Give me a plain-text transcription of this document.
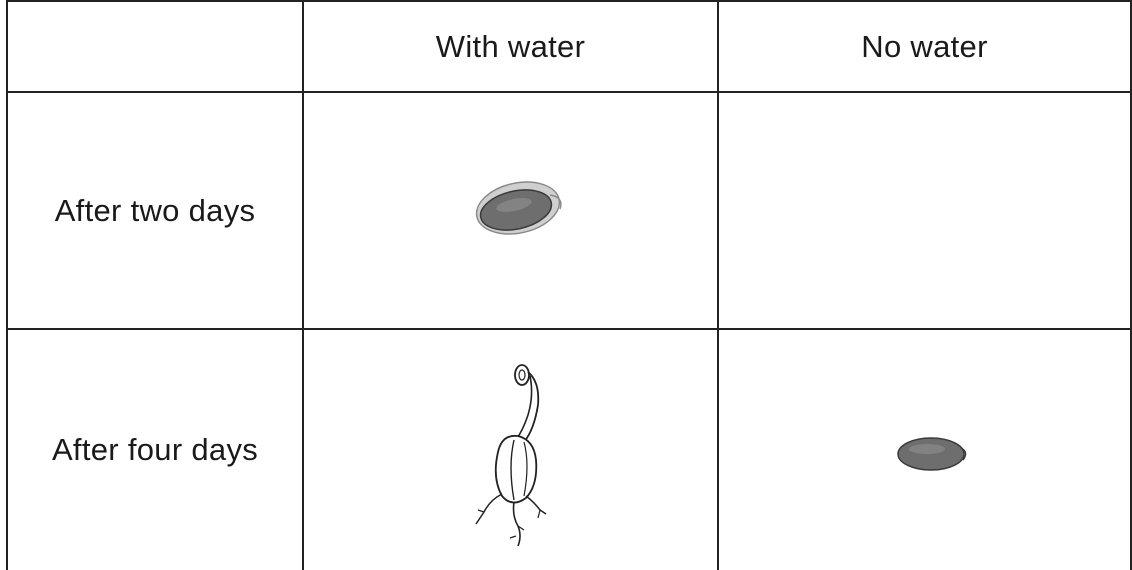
With water	No water
After two days
After four days
